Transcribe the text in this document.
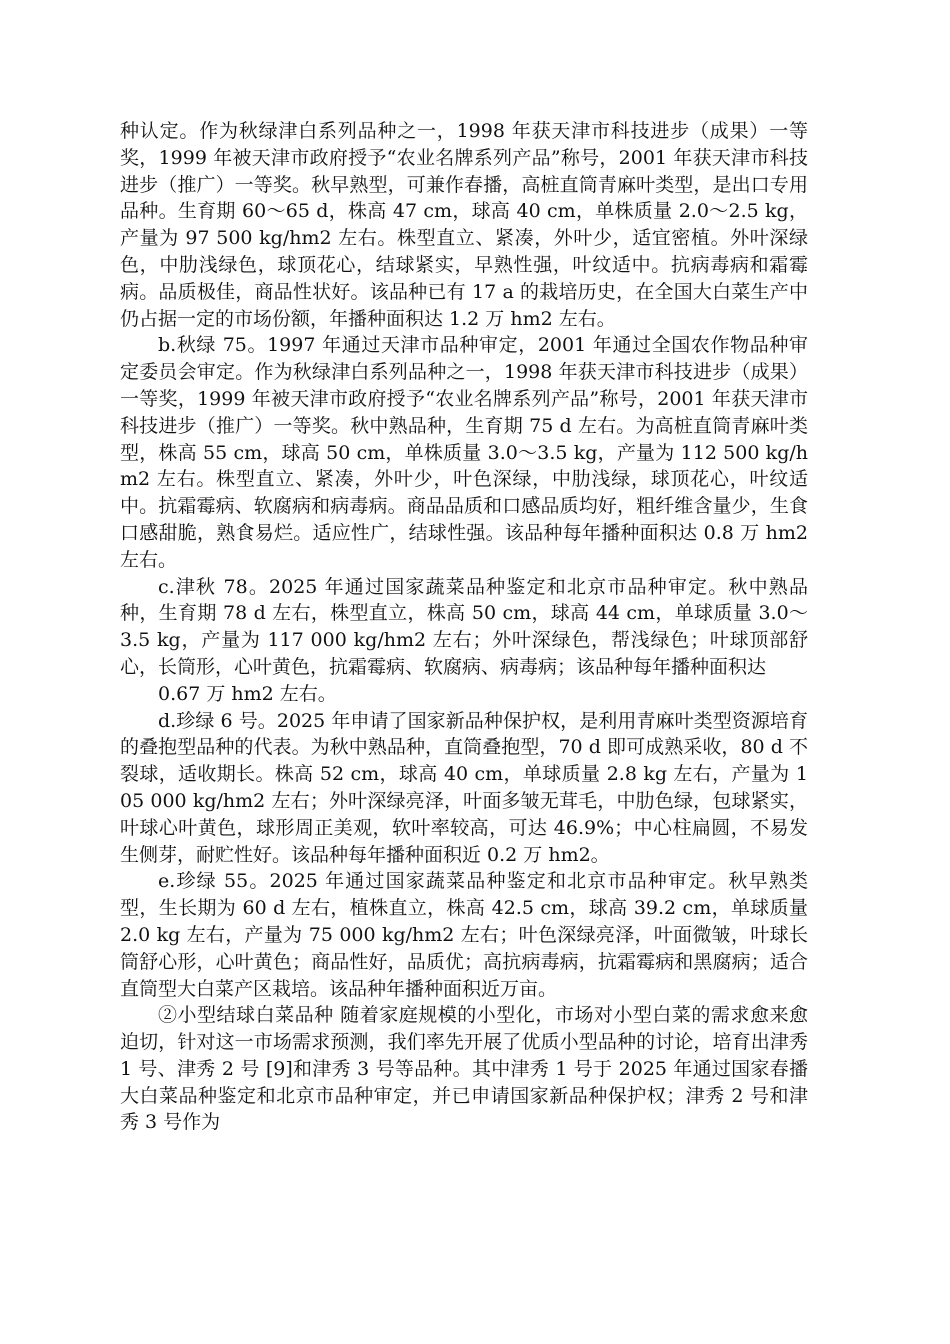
种认定。作为秋绿津白系列品种之一，1998 年获天津市科技进步（成果）一等奖，1999 年被天津市政府授予“农业名牌系列产品”称号，2001 年获天津市科技进步（推广）一等奖。秋早熟型，可兼作春播，高桩直筒青麻叶类型，是出口专用品种。生育期 60～65 d，株高 47 cm，球高 40 cm，单株质量 2.0～2.5 kg，产量为 97 500 kg/hm2 左右。株型直立、紧凑，外叶少，适宜密植。外叶深绿色，中肋浅绿色，球顶花心，结球紧实，早熟性强，叶纹适中。抗病毒病和霜霉病。品质极佳，商品性状好。该品种已有 17 a 的栽培历史，在全国大白菜生产中仍占据一定的市场份额，年播种面积达 1.2 万 hm2 左右。

b.秋绿 75。1997 年通过天津市品种审定，2001 年通过全国农作物品种审定委员会审定。作为秋绿津白系列品种之一，1998 年获天津市科技进步（成果）一等奖，1999 年被天津市政府授予“农业名牌系列产品”称号，2001 年获天津市科技进步（推广）一等奖。秋中熟品种，生育期 75 d 左右。为高桩直筒青麻叶类型，株高 55 cm，球高 50 cm，单株质量 3.0～3.5 kg，产量为 112 500 kg/hm2 左右。株型直立、紧凑，外叶少，叶色深绿，中肋浅绿，球顶花心，叶纹适中。抗霜霉病、软腐病和病毒病。商品品质和口感品质均好，粗纤维含量少，生食口感甜脆，熟食易烂。适应性广，结球性强。该品种每年播种面积达 0.8 万 hm2 左右。

c.津秋 78。2025 年通过国家蔬菜品种鉴定和北京市品种审定。秋中熟品种，生育期 78 d 左右，株型直立，株高 50 cm，球高 44 cm，单球质量 3.0～3.5 kg，产量为 117 000 kg/hm2 左右；外叶深绿色，帮浅绿色；叶球顶部舒心，长筒形，心叶黄色，抗霜霉病、软腐病、病毒病；该品种每年播种面积达

0.67 万 hm2 左右。

d.珍绿 6 号。2025 年申请了国家新品种保护权，是利用青麻叶类型资源培育的叠抱型品种的代表。为秋中熟品种，直筒叠抱型，70 d 即可成熟采收，80 d 不裂球，适收期长。株高 52 cm，球高 40 cm，单球质量 2.8 kg 左右，产量为 105 000 kg/hm2 左右；外叶深绿亮泽，叶面多皱无茸毛，中肋色绿，包球紧实，叶球心叶黄色，球形周正美观，软叶率较高，可达 46.9%；中心柱扁圆，不易发生侧芽，耐贮性好。该品种每年播种面积近 0.2 万 hm2。

e.珍绿 55。2025 年通过国家蔬菜品种鉴定和北京市品种审定。秋早熟类型，生长期为 60 d 左右，植株直立，株高 42.5 cm，球高 39.2 cm，单球质量 2.0 kg 左右，产量为 75 000 kg/hm2 左右；叶色深绿亮泽，叶面微皱，叶球长筒舒心形，心叶黄色；商品性好，品质优；高抗病毒病，抗霜霉病和黑腐病；适合直筒型大白菜产区栽培。该品种年播种面积近万亩。

②小型结球白菜品种 随着家庭规模的小型化，市场对小型白菜的需求愈来愈迫切，针对这一市场需求预测，我们率先开展了优质小型品种的讨论，培育出津秀 1 号、津秀 2 号 [9]和津秀 3 号等品种。其中津秀 1 号于 2025 年通过国家春播大白菜品种鉴定和北京市品种审定，并已申请国家新品种保护权；津秀 2 号和津秀 3 号作为
